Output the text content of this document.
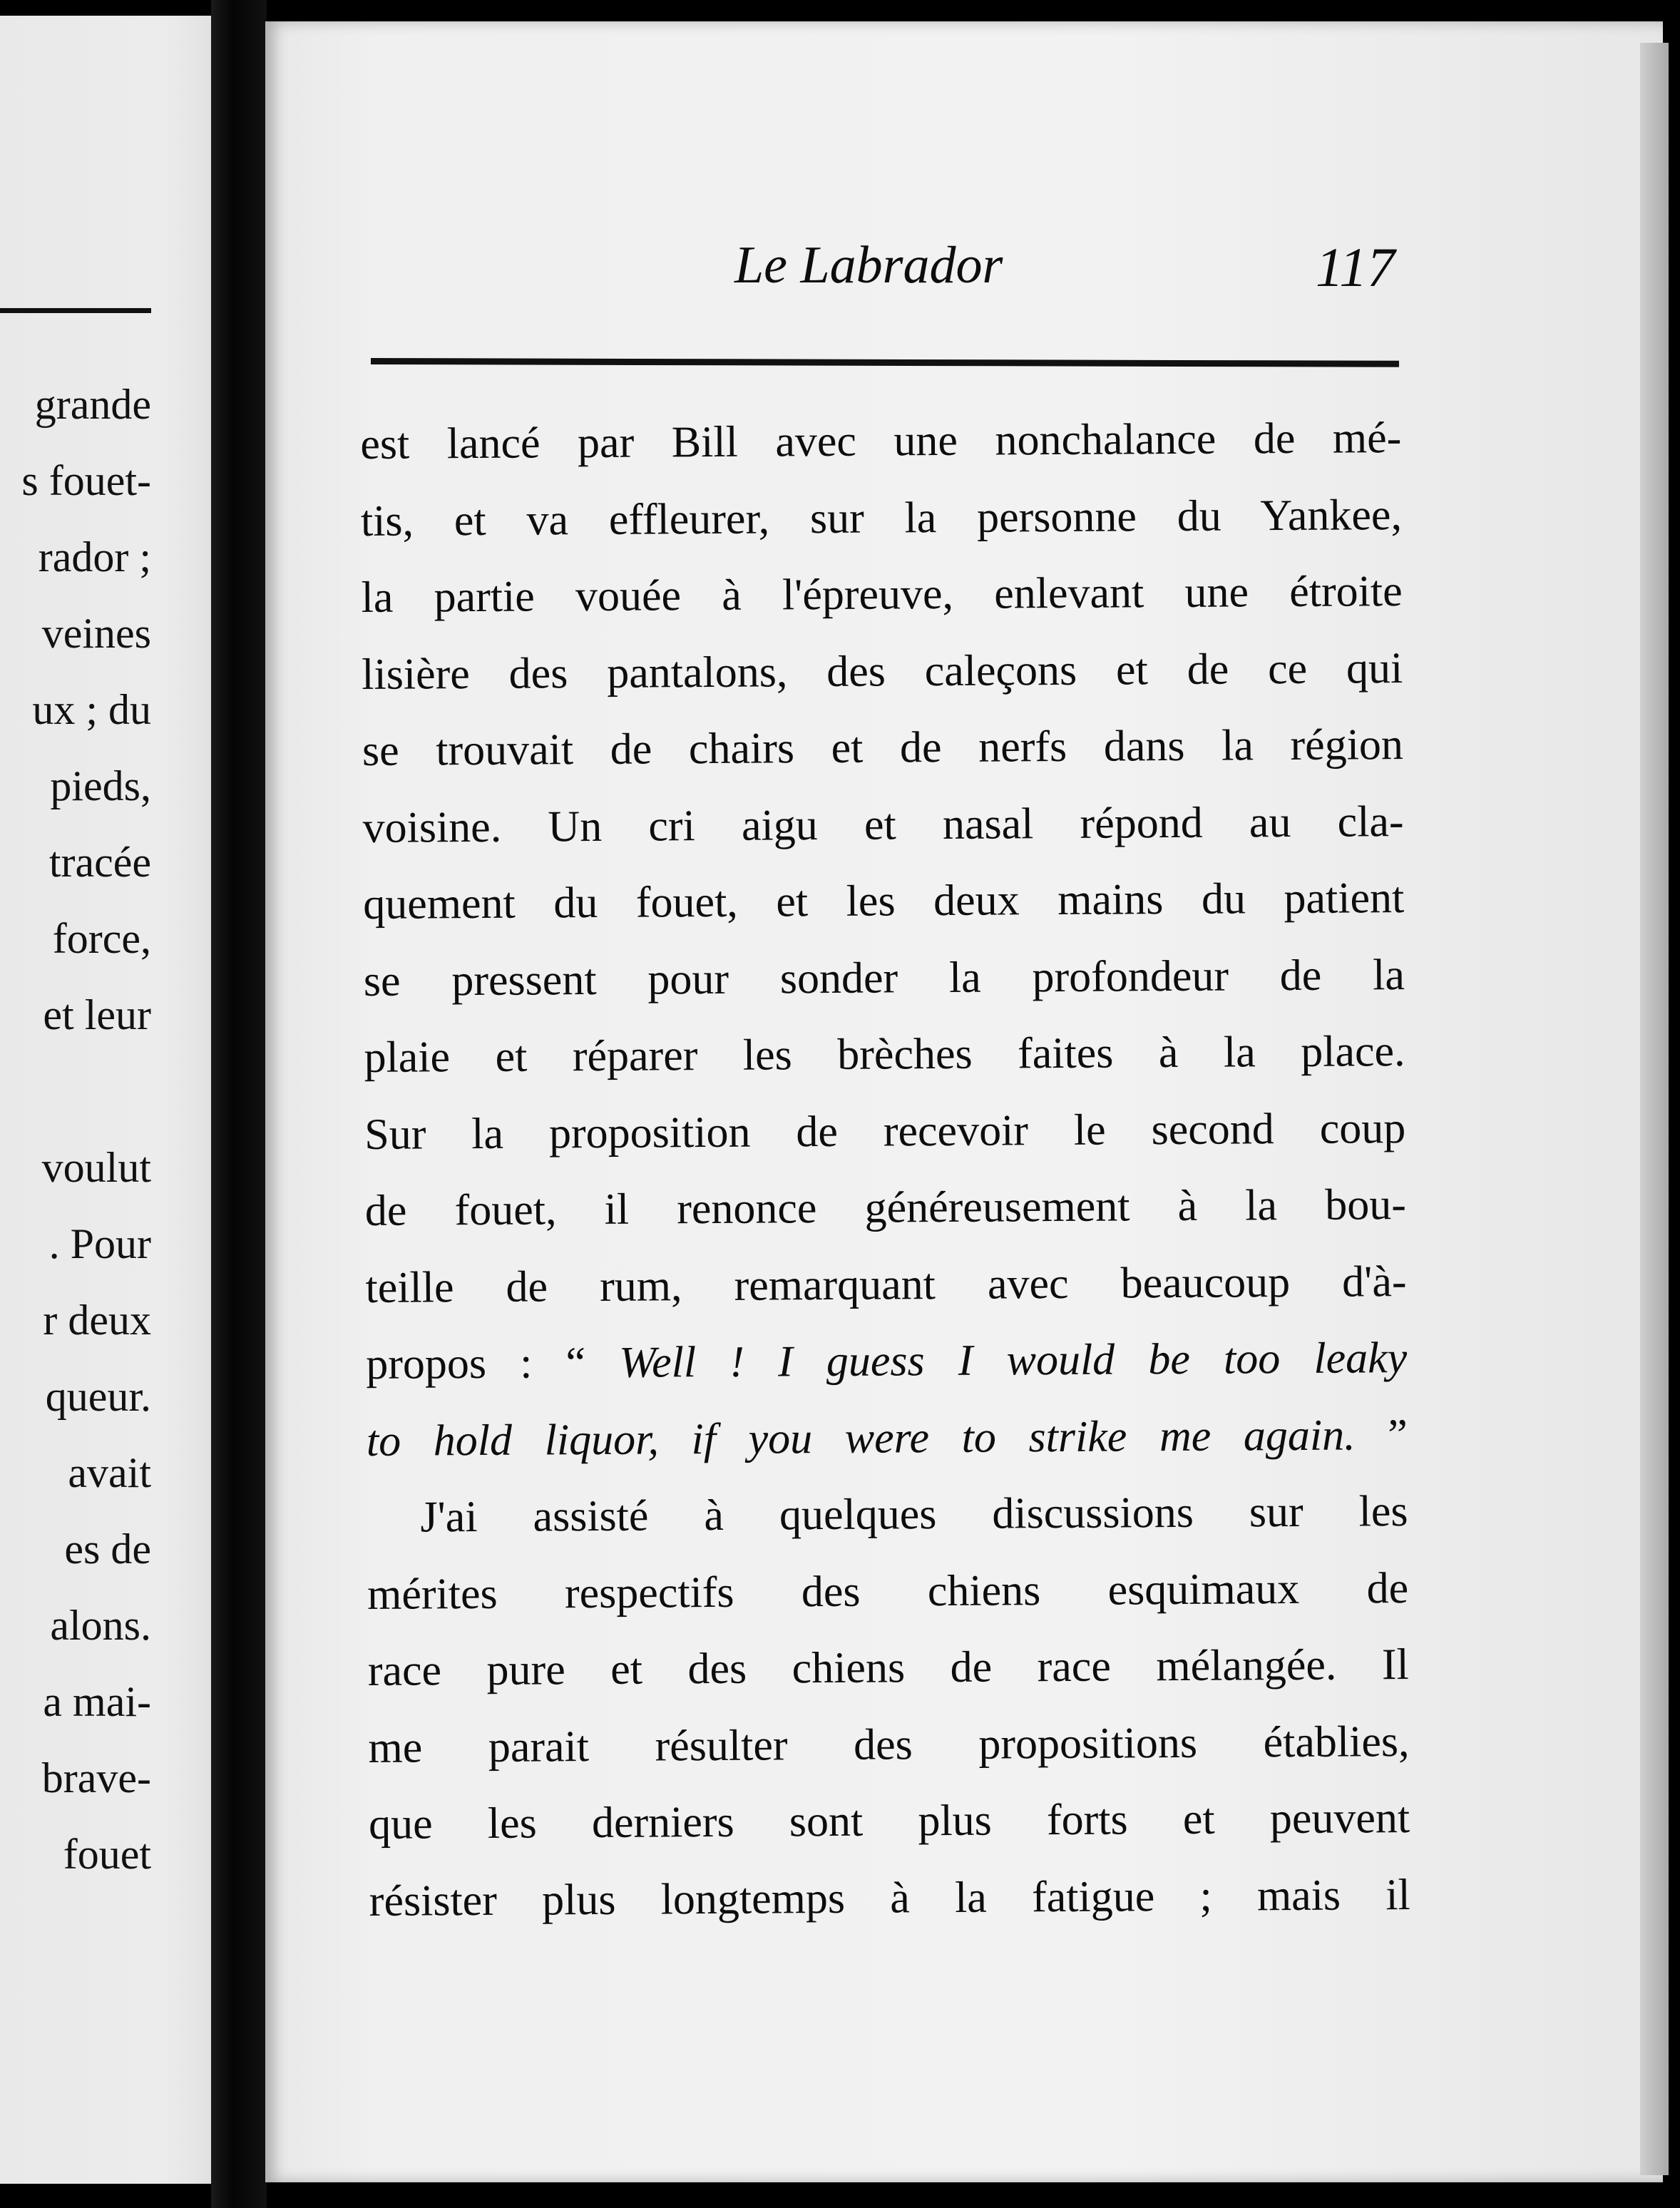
grande
s fouet-
rador ;
veines
ux ; du
pieds,
tracée
force,
et leur
voulut
. Pour
r deux
queur.
avait
es de
alons.
a mai-
brave-
fouet
Le Labrador	117
est lancé par Bill avec une nonchalance de mé-
tis, et va effleurer, sur la personne du Yankee,
la partie vouée à l'épreuve, enlevant une étroite
lisière des pantalons, des caleçons et de ce qui
se trouvait de chairs et de nerfs dans la région
voisine. Un cri aigu et nasal répond au cla-
quement du fouet, et les deux mains du patient
se pressent pour sonder la profondeur de la
plaie et réparer les brèches faites à la place.
Sur la proposition de recevoir le second coup
de fouet, il renonce généreusement à la bou-
teille de rum, remarquant avec beaucoup d'à-
propos : “ Well ! I guess I would be too leaky
to hold liquor, if you were to strike me again. ”
J'ai assisté à quelques discussions sur les
mérites respectifs des chiens esquimaux de
race pure et des chiens de race mélangée. Il
me parait résulter des propositions établies,
que les derniers sont plus forts et peuvent
résister plus longtemps à la fatigue ; mais il
